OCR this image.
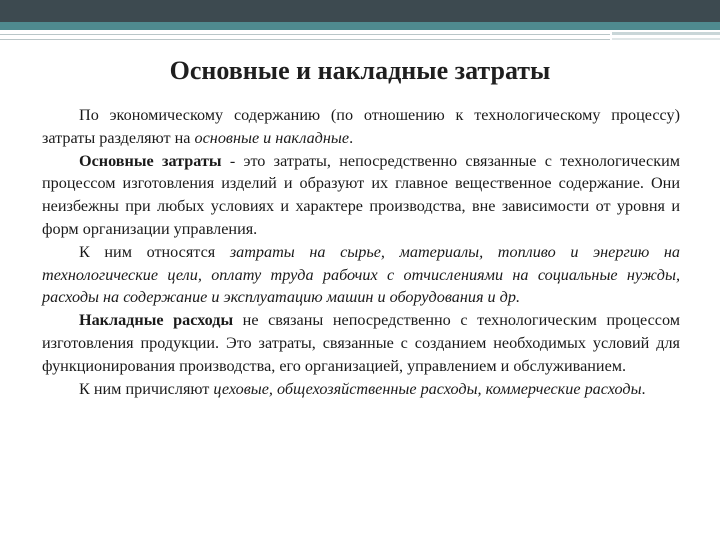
Основные и накладные затраты

По экономическому содержанию (по отношению к технологическому процессу) затраты разделяют на основные и накладные.

Основные затраты - это затраты, непосредственно связанные с технологическим процессом изготовления изделий и образуют их главное вещественное содержание. Они неизбежны при любых условиях и характере производства, вне зависимости от уровня и форм организации управления.

К ним относятся затраты на сырье, материалы, топливо и энергию на технологические цели, оплату труда рабочих с отчислениями на социальные нужды, расходы на содержание и эксплуатацию машин и оборудования и др.

Накладные расходы не связаны непосредственно с технологическим процессом изготовления продукции. Это затраты, связанные с созданием необходимых условий для функционирования производства, его организацией, управлением и обслуживанием.

К ним причисляют цеховые, общехозяйственные расходы, коммерческие расходы.
